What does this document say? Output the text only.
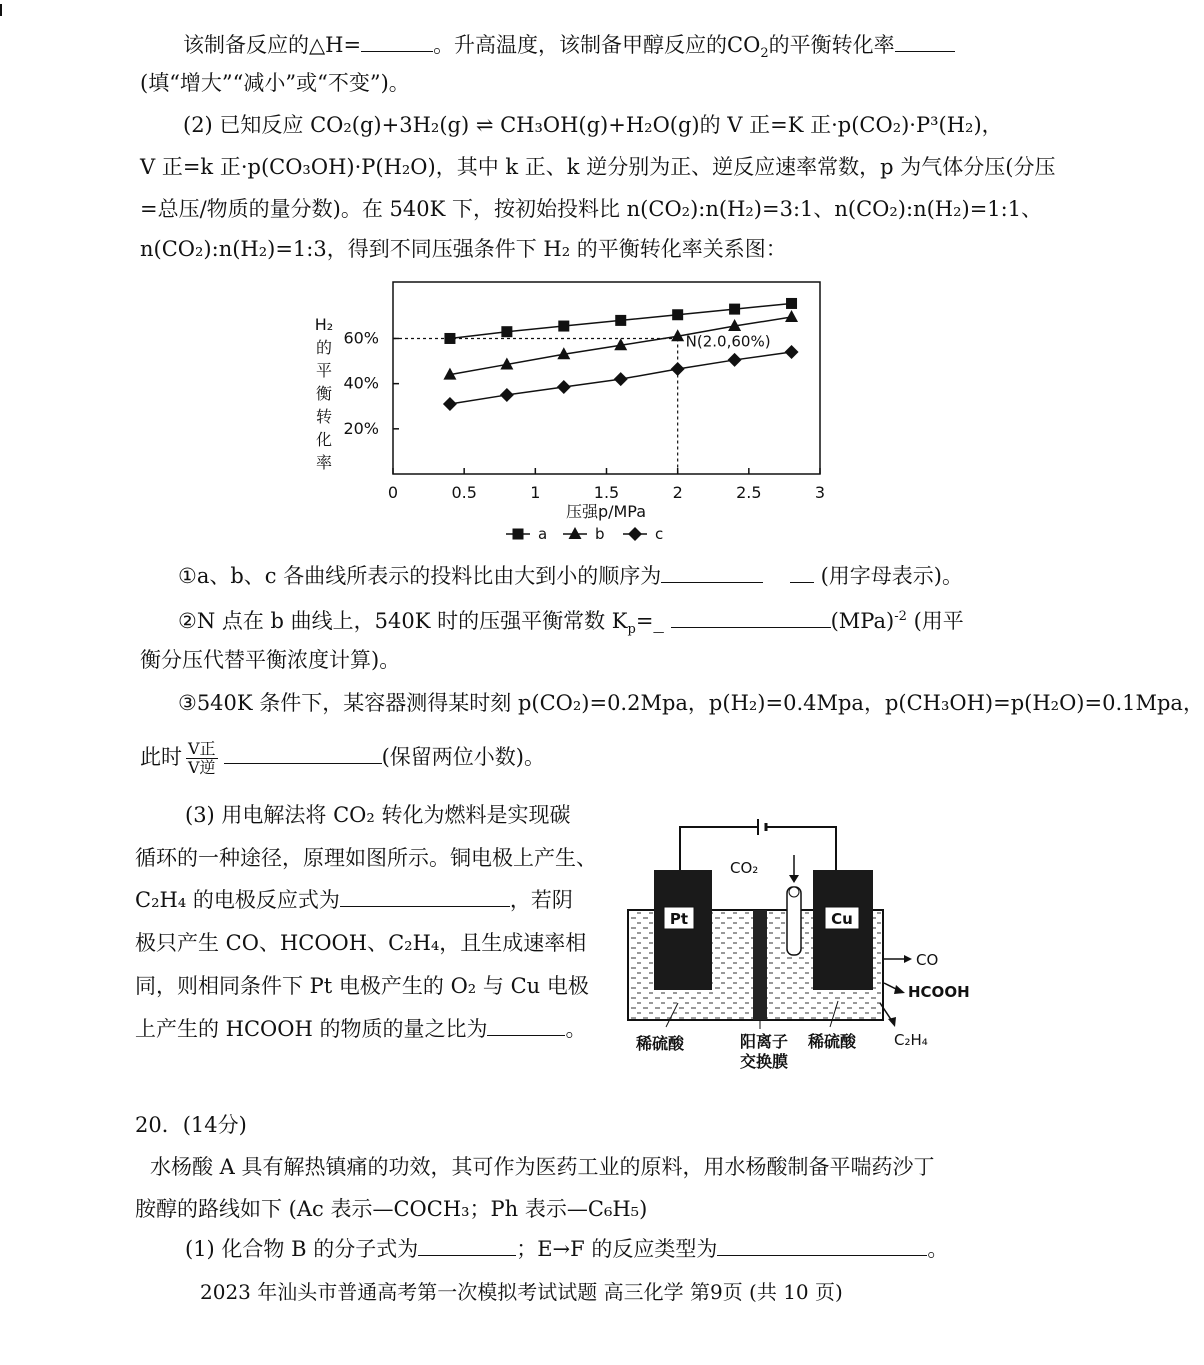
该制备反应的△H=	。升高温度，该制备甲醇反应的$CO_2$的平衡转化率
(填“增大”“减小”或“不变”)。
(2) 已知反应 CO₂(g)+3H₂(g) ⇌ CH₃OH(g)+H₂O(g)的 V 正=K 正·p(CO₂)·P³(H₂)，
V 正=k 正·p(CO₃OH)·P(H₂O)，其中 k 正、k 逆分别为正、逆反应速率常数，p 为气体分压(分压
=总压/物质的量分数)。在 540K 下，按初始投料比 n(CO₂):n(H₂)=3:1、n(CO₂):n(H₂)=1:1、
n(CO₂):n(H₂)=1:3，得到不同压强条件下 H₂ 的平衡转化率关系图：
H₂
的
平
衡
转
化
率
20%
40%
60%
0	0.5	1	1.5	2	2.5	3
N(2.0,60%)
压强p/MPa
a	b	c
①a、b、c 各曲线所表示的投料比由大到小的顺序为	(用字母表示)。
②N 点在 b 曲线上，540K 时的压强平衡常数 $K_p=\_$	(MPa)$^{-2}$ (用平
衡分压代替平衡浓度计算)。
③540K 条件下，某容器测得某时刻 p(CO₂)=0.2Mpa，p(H₂)=0.4Mpa，p(CH₃OH)=p(H₂O)=0.1Mpa，
此时 $\frac{\text{V正}}{\text{V逆}}$	(保留两位小数)。
(3) 用电解法将 CO₂ 转化为燃料是实现碳
循环的一种途径，原理如图所示。铜电极上产生、
C₂H₄ 的电极反应式为	，若阴
极只产生 CO、HCOOH、C₂H₄，且生成速率相
同，则相同条件下 Pt 电极产生的 O₂ 与 Cu 电极
上产生的 HCOOH 的物质的量之比为	。
Pt	Cu
CO₂
CO
HCOOH
C₂H₄
稀硫酸	阳离子
交换膜
稀硫酸
20．(14分)
水杨酸 A 具有解热镇痛的功效，其可作为医药工业的原料，用水杨酸制备平喘药沙丁
胺醇的路线如下 (Ac 表示—COCH₃；Ph 表示—C₆H₅)
(1) 化合物 B 的分子式为	；E→F 的反应类型为	。
2023 年汕头市普通高考第一次模拟考试试题 高三化学 第9页 (共 10 页)
